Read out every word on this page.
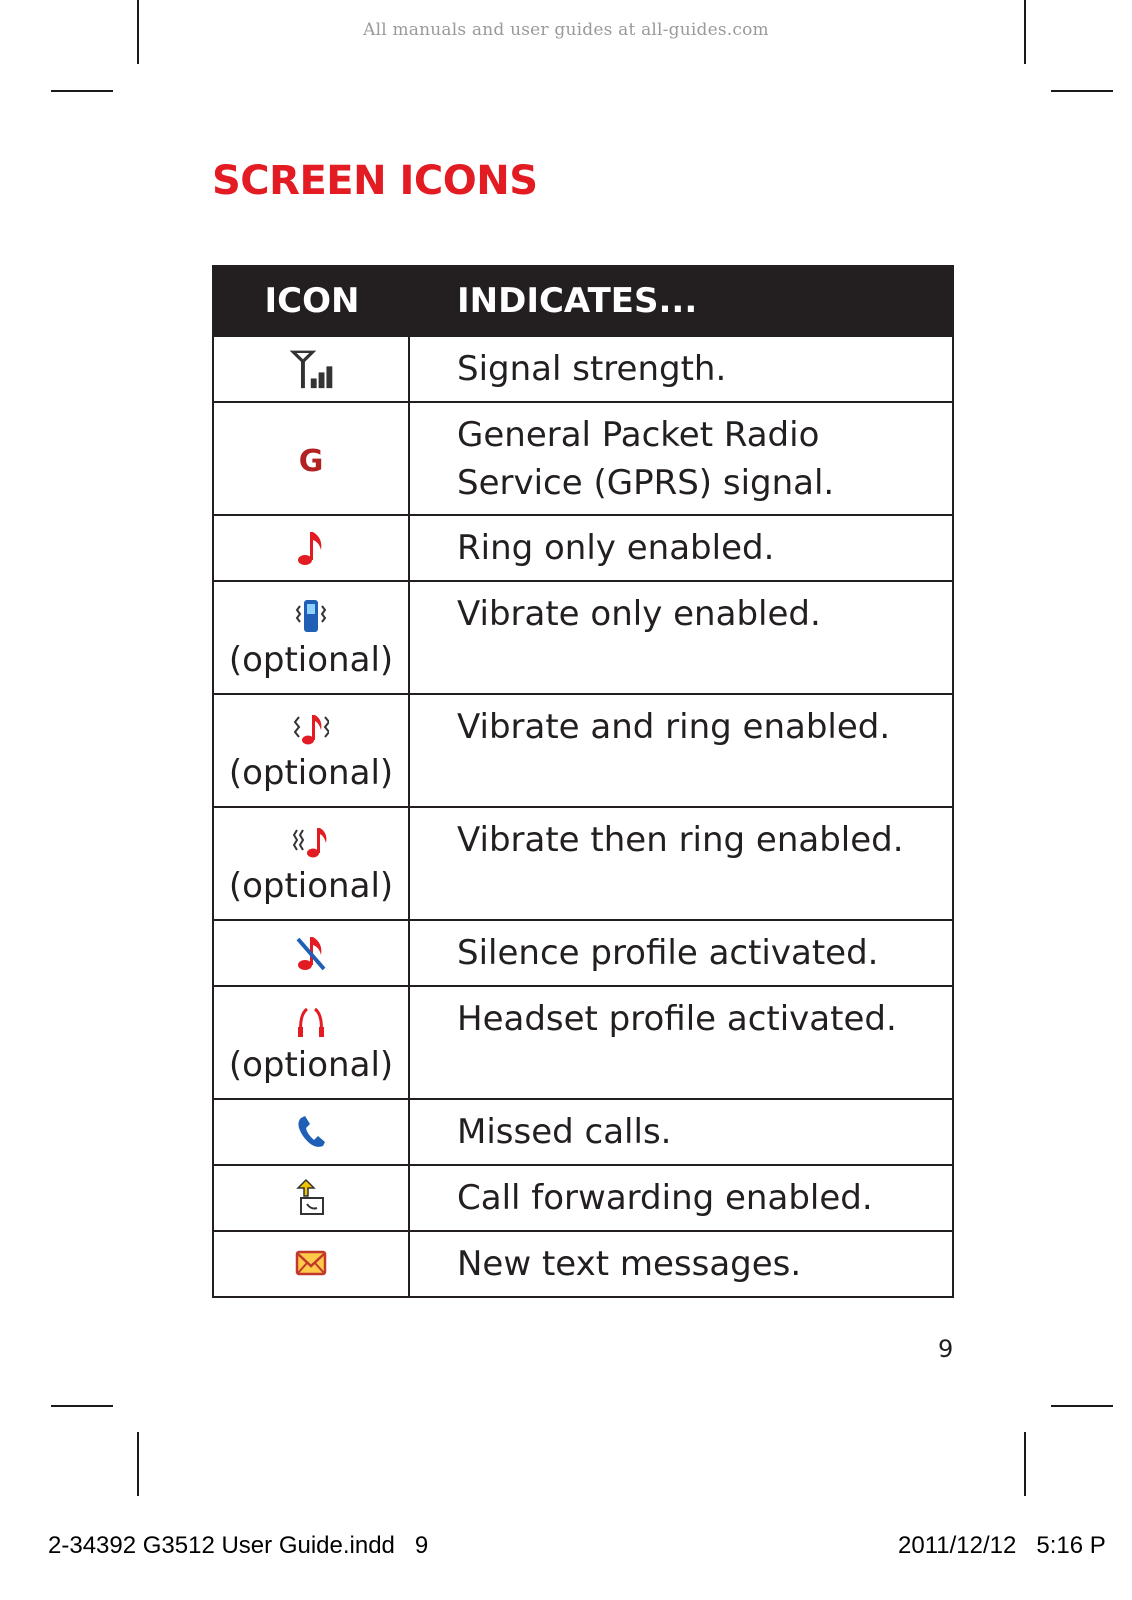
All manuals and user guides at all-guides.com
SCREEN ICONS
ICON	INDICATES...
Signal strength.
G
General Packet Radio
Service (GPRS) signal.
Ring only enabled.
(optional)
Vibrate only enabled.
(optional)
Vibrate and ring enabled.
(optional)
Vibrate then ring enabled.
Silence profile activated.
(optional)
Headset profile activated.
Missed calls.
Call forwarding enabled.
New text messages.
9
2-34392 G3512 User Guide.indd   9	2011/12/12   5:16 P
